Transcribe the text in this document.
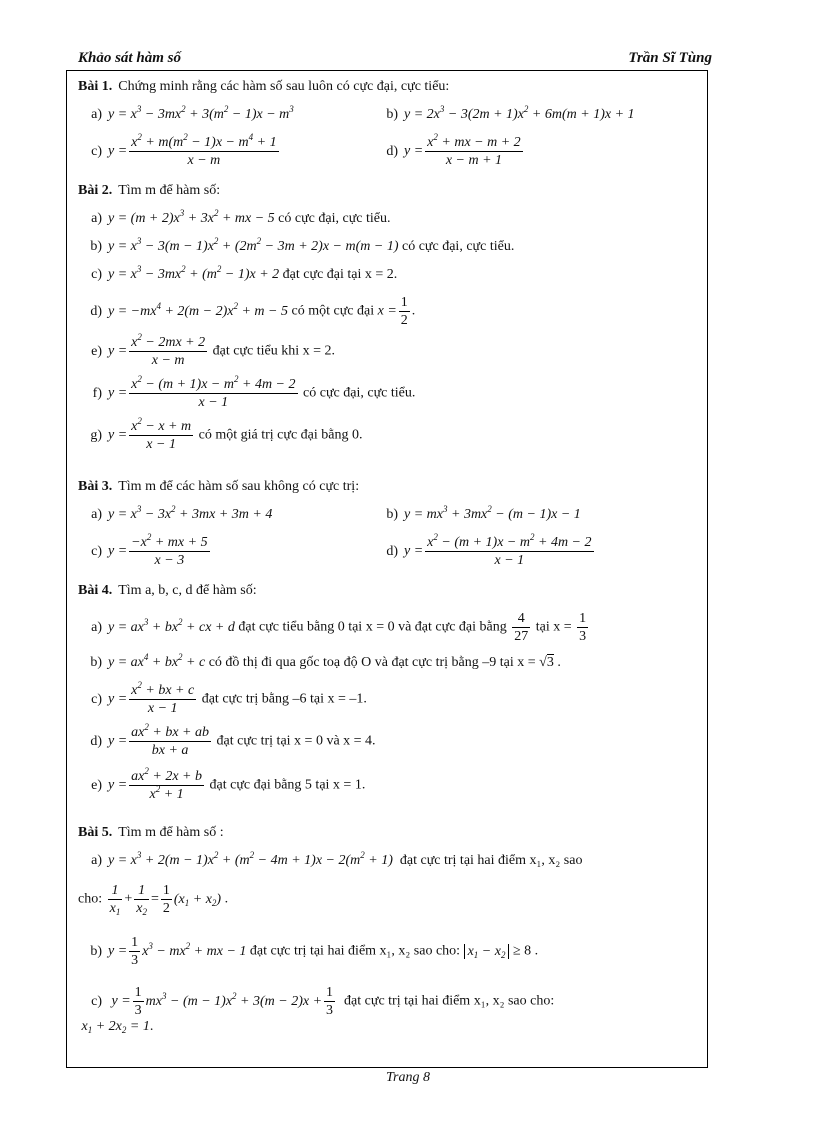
Khảo sát hàm số	Trần Sĩ Tùng
Bài 1. Chứng minh rằng các hàm số sau luôn có cực đại, cực tiểu:
a) $y = x^3 - 3mx^2 + 3(m^2 - 1)x - m^3$	b) $y = 2x^3 - 3(2m + 1)x^2 + 6m(m + 1)x + 1$
c) $y = \frac{x^2 + m(m^2 - 1)x - m^4 + 1}{x - m}$	d) $y = \frac{x^2 + mx - m + 2}{x - m + 1}$
Bài 2. Tìm m để hàm số:
a) $y = (m + 2)x^3 + 3x^2$ + mx − 5 có cực đại, cực tiểu.
b) $y = x^3 - 3(m - 1)x^2 + (2m^2 - 3m + 2)x - m(m - 1)$ có cực đại, cực tiểu.
c) $y = x^3 - 3mx^2 + (m^2 - 1)x + 2$ đạt cực đại tại x = 2.
d) $y = -mx^4 + 2(m - 2)x^2 + m - 5$ có một cực đại $x = \frac{1}{2}$ .
e) $y = \frac{x^2 - 2mx + 2}{x - m}$ đạt cực tiểu khi x = 2.
f) $y = \frac{x^2 - (m + 1)x - m^2 + 4m - 2}{x - 1}$ có cực đại, cực tiểu.
g) $y = \frac{x^2 - x + m}{x - 1}$ có một giá trị cực đại bằng 0.
Bài 3. Tìm m để các hàm số sau không có cực trị:
a) $y = x^3 - 3x^2 + 3mx + 3m + 4$	b) $y = mx^3 + 3mx^2 - (m - 1)x - 1$
c) $y = \frac{-x^2 + mx + 5}{x - 3}$	d) $y = \frac{x^2 - (m + 1)x - m^2 + 4m - 2}{x - 1}$
Bài 4. Tìm a, b, c, d để hàm số:
a) $y = ax^3 + bx^2$ + cx + d đạt cực tiểu bằng 0 tại x = 0 và đạt cực đại bằng $\frac{4}{27}$ tại $x = \frac{1}{3}$
b) $y = ax^4 + bx^2 + c$ có đồ thị đi qua gốc toạ độ O và đạt cực trị bằng –9 tại x = √3 .
c) $y = \frac{x^2 + bx + c}{x - 1}$ đạt cực trị bằng –6 tại x = –1.
d) $y = \frac{ax^2 + bx + ab}{bx + a}$ đạt cực trị tại x = 0 và x = 4.
e) $y = \frac{ax^2 + 2x + b}{x^2 + 1}$ đạt cực đại bằng 5 tại x = 1.
Bài 5. Tìm m để hàm số :
a) $y = x^3 + 2(m - 1)x^2 + (m^2 - 4m + 1)x - 2(m^2 + 1)$ đạt cực trị tại hai điểm x₁, x₂ sao
cho: $\frac{1}{x_1} + \frac{1}{x_2} = \frac{1}{2} (x_1 + x_2)$ .
b) $y = \frac{1}{3} x^3 - mx^2$ + mx − 1 đạt cực trị tại hai điểm x₁, x₂ sao cho: $x_1 - x_2 \ge 8$ .
c) $y = \frac{1}{3} mx^3 - (m - 1)x^2 + 3(m - 2)x + \frac{1}{3}$ đạt cực trị tại hai điểm x₁, x₂ sao cho:
$x_1 + 2x_2 = 1$.
Trang 8
